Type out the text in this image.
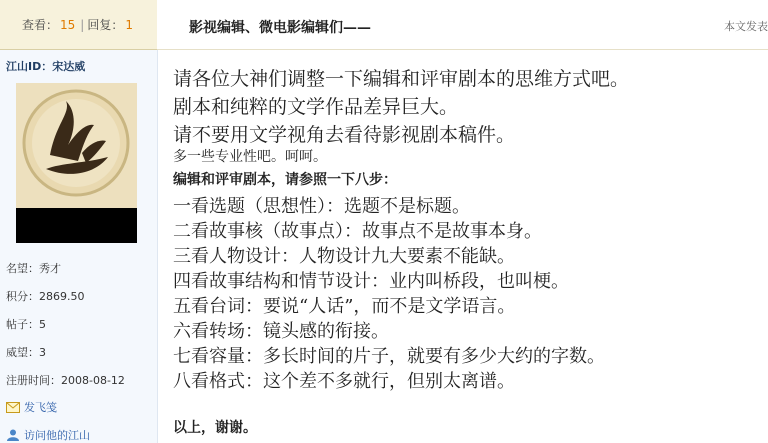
查看： 15 | 回复： 1	影视编辑、微电影编辑们——	本文发表
江山ID：宋达威
名望：秀才
积分：2869.50
帖子：5
威望：3
注册时间：2008-08-12
发飞笺
访问他的江山
请各位大神们调整一下编辑和评审剧本的思维方式吧。
剧本和纯粹的文学作品差异巨大。
请不要用文学视角去看待影视剧本稿件。
多一些专业性吧。呵呵。
编辑和评审剧本，请参照一下八步：
一看选题（思想性）：选题不是标题。
二看故事核（故事点）：故事点不是故事本身。
三看人物设计：人物设计九大要素不能缺。
四看故事结构和情节设计：业内叫桥段，也叫梗。
五看台词：要说“人话”，而不是文学语言。
六看转场：镜头感的衔接。
七看容量：多长时间的片子，就要有多少大约的字数。
八看格式：这个差不多就行，但别太离谱。
以上，谢谢。
